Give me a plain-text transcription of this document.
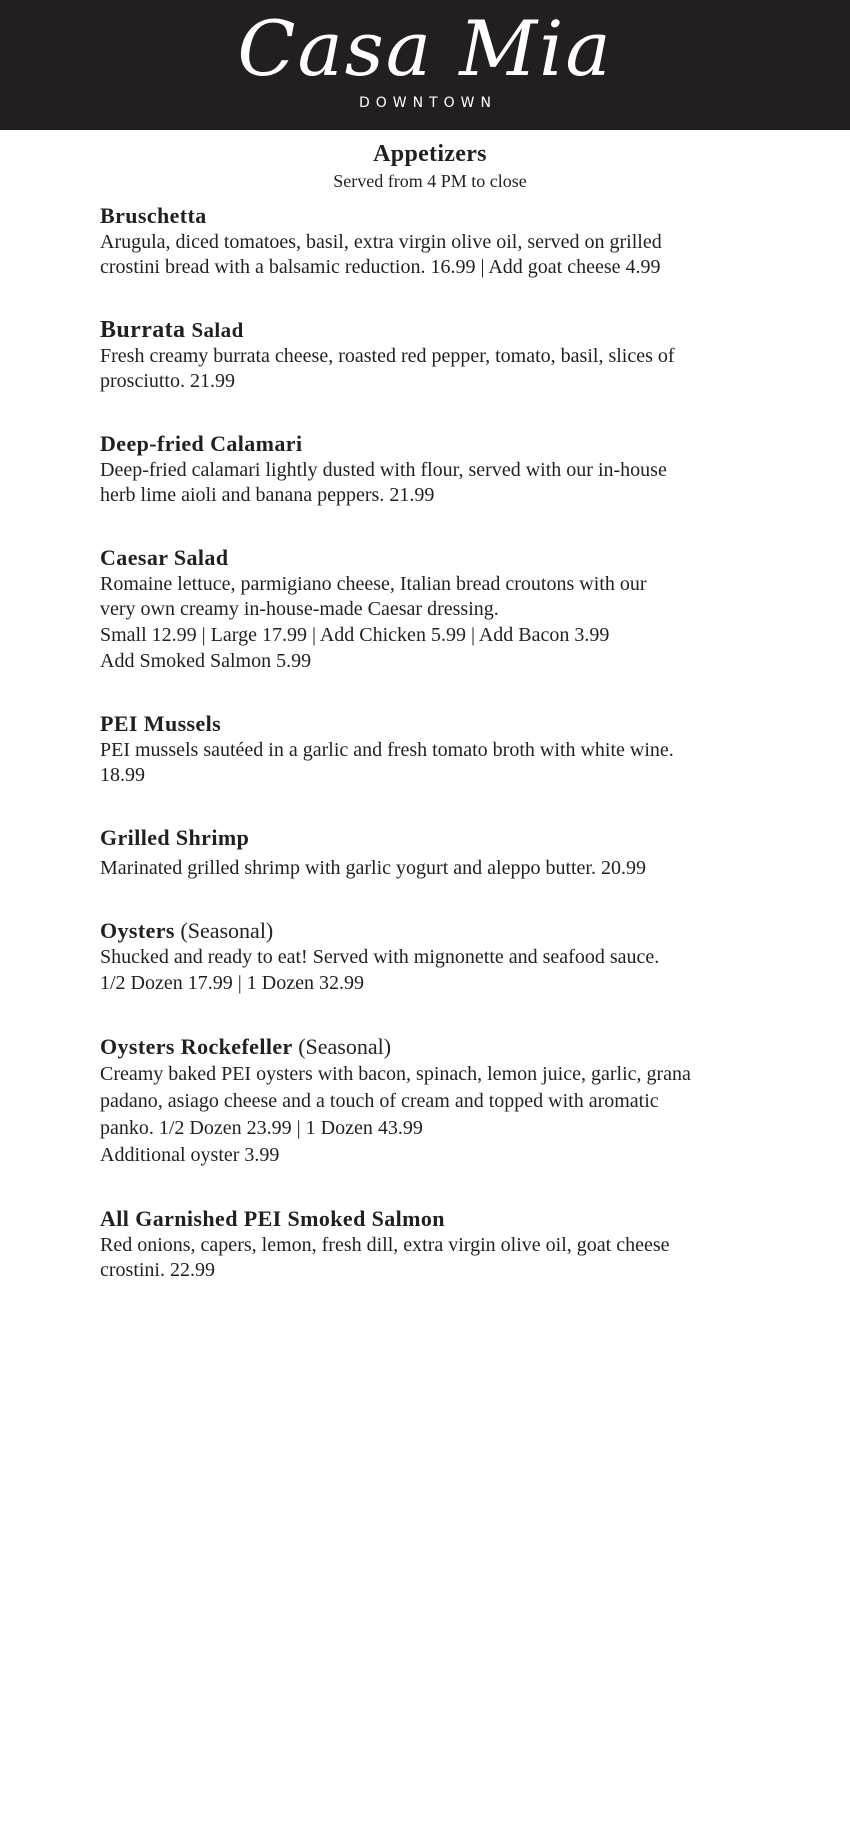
Casa Mia
DOWNTOWN
Appetizers

Served from 4 PM to close

Bruschetta

Arugula, diced tomatoes, basil, extra virgin olive oil, served on grilled

crostini bread with a balsamic reduction. 16.99 | Add goat cheese 4.99

Burrata Salad

Fresh creamy burrata cheese, roasted red pepper, tomato, basil, slices of

prosciutto. 21.99

Deep-fried Calamari

Deep-fried calamari lightly dusted with flour, served with our in-house

herb lime aioli and banana peppers. 21.99

Caesar Salad

Romaine lettuce, parmigiano cheese, Italian bread croutons with our

very own creamy in-house-made Caesar dressing.

Small 12.99 | Large 17.99 | Add Chicken 5.99 | Add Bacon 3.99

Add Smoked Salmon 5.99

PEI Mussels

PEI mussels sautéed in a garlic and fresh tomato broth with white wine.

18.99

Grilled Shrimp

Marinated grilled shrimp with garlic yogurt and aleppo butter. 20.99

Oysters (Seasonal)

Shucked and ready to eat! Served with mignonette and seafood sauce.

1/2 Dozen 17.99 | 1 Dozen 32.99

Oysters Rockefeller (Seasonal)

Creamy baked PEI oysters with bacon, spinach, lemon juice, garlic, grana

padano, asiago cheese and a touch of cream and topped with aromatic

panko. 1/2 Dozen 23.99 | 1 Dozen 43.99

Additional oyster 3.99

All Garnished PEI Smoked Salmon

Red onions, capers, lemon, fresh dill, extra virgin olive oil, goat cheese

crostini. 22.99
